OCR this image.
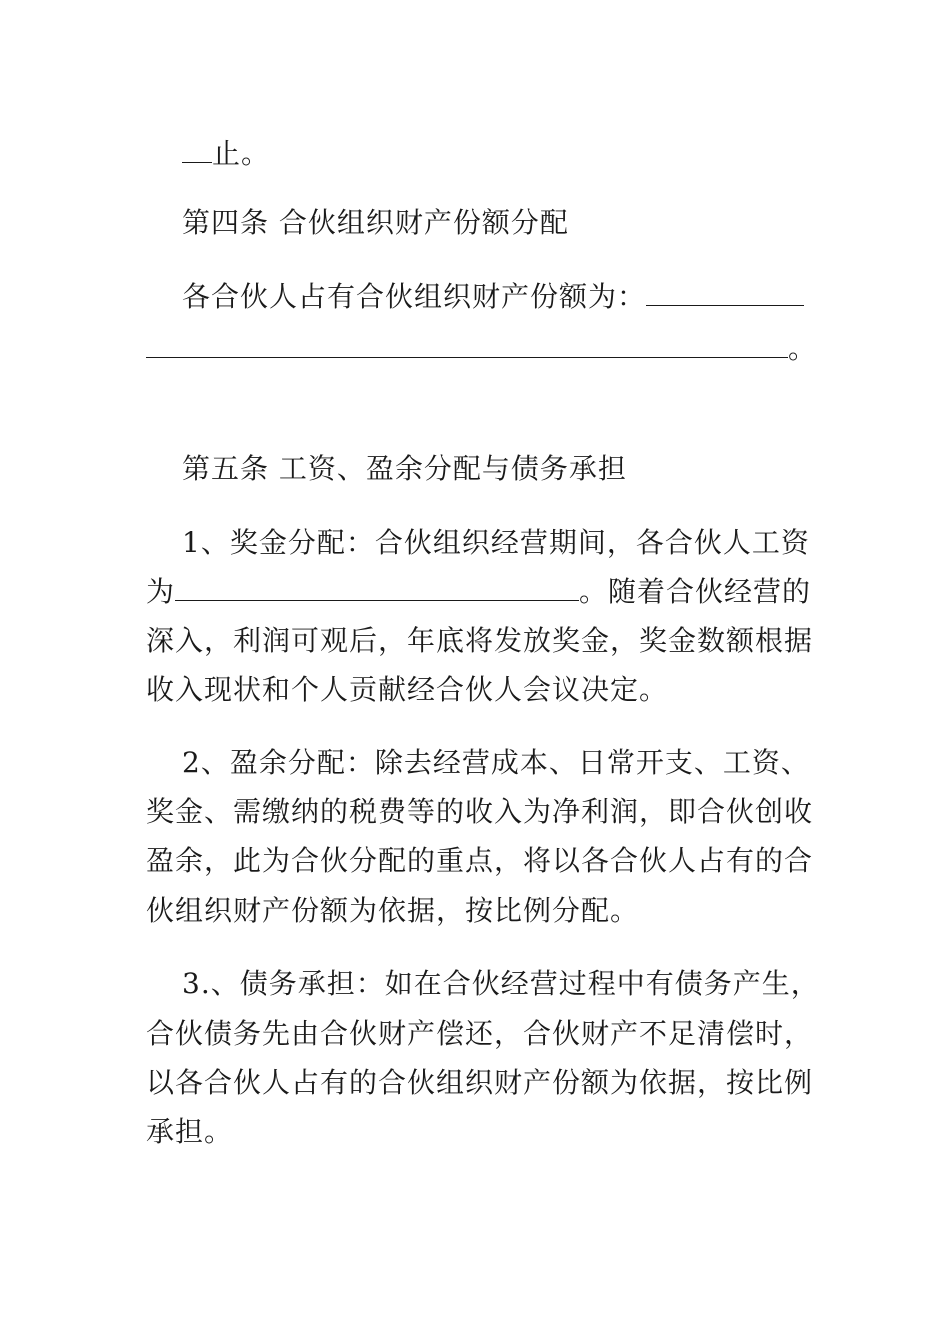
止。
第四条 合伙组织财产份额分配
各合伙人占有合伙组织财产份额为：
。
第五条 工资、盈余分配与债务承担
1、奖金分配：合伙组织经营期间，各合伙人工资
为	。随着合伙经营的
深入，利润可观后，年底将发放奖金，奖金数额根据
收入现状和个人贡献经合伙人会议决定。
2、盈余分配：除去经营成本、日常开支、工资、
奖金、需缴纳的税费等的收入为净利润，即合伙创收
盈余，此为合伙分配的重点，将以各合伙人占有的合
伙组织财产份额为依据，按比例分配。
3.、债务承担：如在合伙经营过程中有债务产生，
合伙债务先由合伙财产偿还，合伙财产不足清偿时，
以各合伙人占有的合伙组织财产份额为依据，按比例
承担。
